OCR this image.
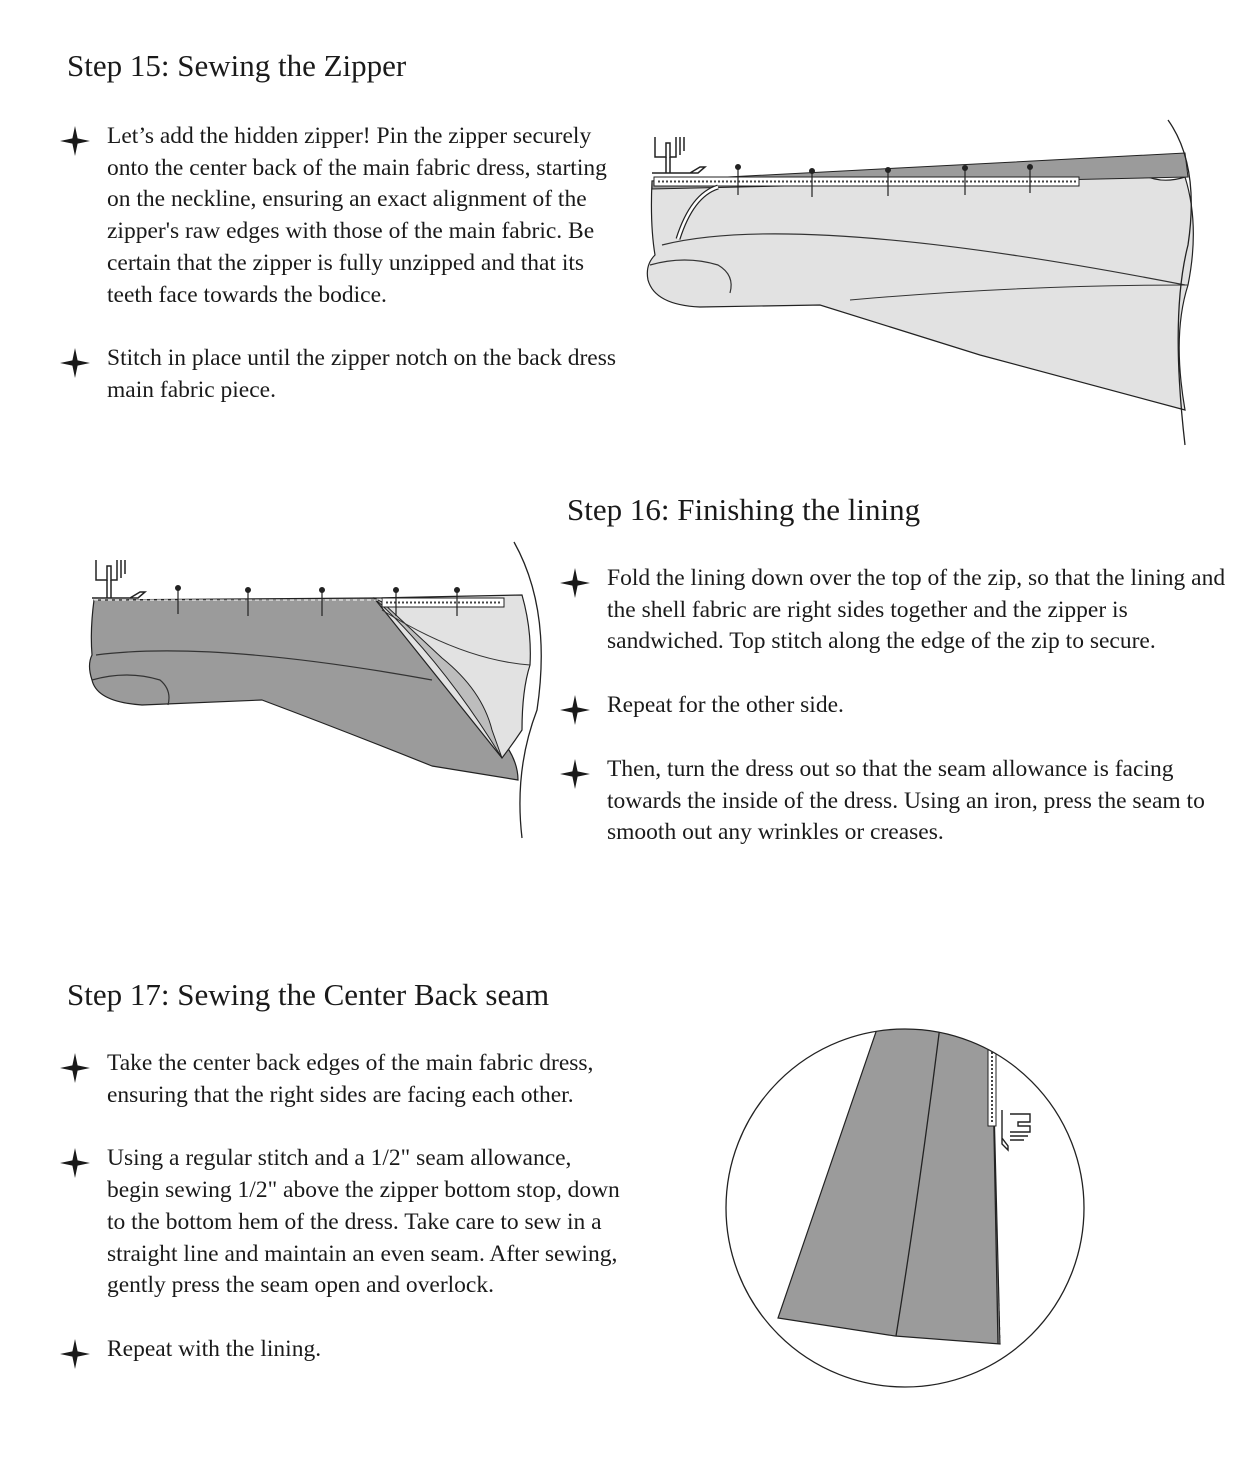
Step 15: Sewing the Zipper
Let’s add the hidden zipper! Pin the zipper securely onto the center back of the main fabric dress, starting on the neckline, ensuring an exact alignment of the zipper's raw edges with those of the main fabric. Be certain that the zipper is fully unzipped and that its teeth face towards the bodice.
Stitch in place until the zipper notch on the back dress main fabric piece.
Step 16: Finishing the lining
Fold the lining down over the top of the zip, so that the lining and the shell fabric are right sides together and the zipper is sandwiched. Top stitch along the edge of the zip to secure.
Repeat for the other side.
Then, turn the dress out so that the seam allowance is facing towards the inside of the dress. Using an iron, press the seam to smooth out any wrinkles or creases.
Step 17: Sewing the Center Back seam
Take the center back edges of the main fabric dress, ensuring that the right sides are facing each other.
Using a regular stitch and a 1/2" seam allowance, begin sewing 1/2" above the zipper bottom stop, down to the bottom hem of the dress. Take care to sew in a straight line and maintain an even seam. After sewing, gently press the seam open and overlock.
Repeat with the lining.
